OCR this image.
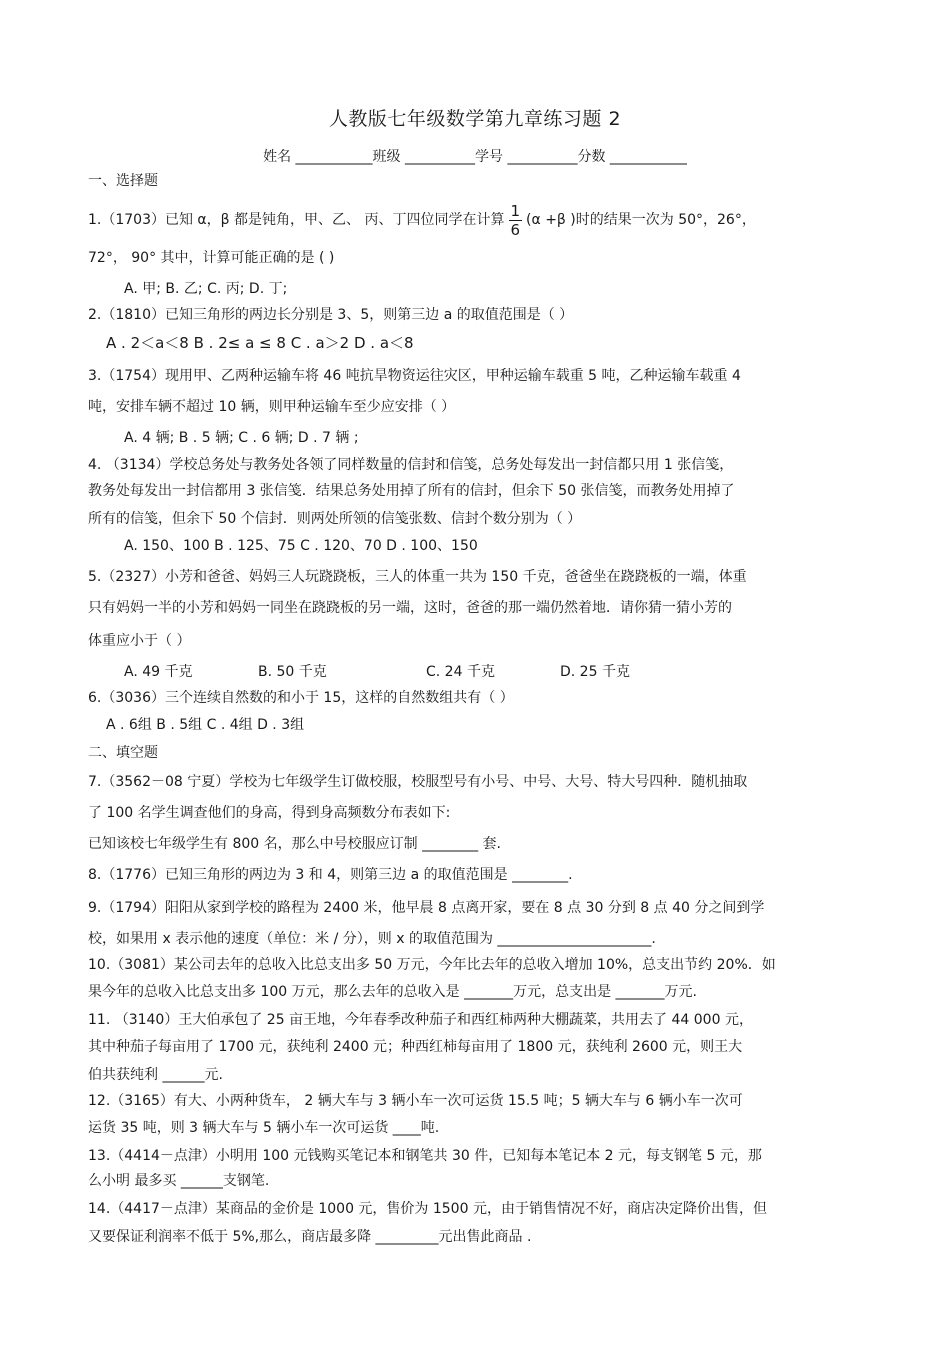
人教版七年级数学第九章练习题 2
姓名 ___________班级 __________学号 __________分数 ___________
一、选择题
1.（1703）已知 α，β 都是钝角，甲、乙、 丙、丁四位同学在计算 $\frac{1}{6} (\alpha +\beta$ )时的结果一次为 50°，26°，
72°， 90° 其中，计算可能正确的是 ( )
A. 甲; B. 乙; C. 丙; D. 丁;
2.（1810）已知三角形的两边长分别是 3、5，则第三边 a 的取值范围是（ ）
A . 2＜a＜8 B . 2≤ a ≤ 8 C . a＞2 D . a＜8
3.（1754）现用甲、乙两种运输车将 46 吨抗旱物资运往灾区，甲种运输车载重 5 吨，乙种运输车载重 4
吨，安排车辆不超过 10 辆，则甲种运输车至少应安排（ ）
A. 4 辆; B . 5 辆; C . 6 辆; D . 7 辆 ;
4. （3134）学校总务处与教务处各领了同样数量的信封和信笺，总务处每发出一封信都只用 1 张信笺，
教务处每发出一封信都用 3 张信笺．结果总务处用掉了所有的信封，但余下 50 张信笺，而教务处用掉了
所有的信笺，但余下 50 个信封．则两处所领的信笺张数、信封个数分别为（ ）
A. 150、100 B . 125、75 C . 120、70 D . 100、150
5.（2327）小芳和爸爸、妈妈三人玩跷跷板，三人的体重一共为 150 千克，爸爸坐在跷跷板的一端，体重
只有妈妈一半的小芳和妈妈一同坐在跷跷板的另一端，这时，爸爸的那一端仍然着地．请你猜一猜小芳的
体重应小于（ ）
A. 49 千克	B. 50 千克	C. 24 千克	D. 25 千克
6.（3036）三个连续自然数的和小于 15，这样的自然数组共有（ ）
A . 6组 B . 5组 C . 4组 D . 3组
二、填空题
7.（3562－08 宁夏）学校为七年级学生订做校服，校服型号有小号、中号、大号、特大号四种．随机抽取
了 100 名学生调查他们的身高，得到身高频数分布表如下:
已知该校七年级学生有 800 名，那么中号校服应订制 ________ 套.
8.（1776）已知三角形的两边为 3 和 4，则第三边 a 的取值范围是 ________.
9.（1794）阳阳从家到学校的路程为 2400 米，他早晨 8 点离开家，要在 8 点 30 分到 8 点 40 分之间到学
校，如果用 x 表示他的速度（单位：米 / 分），则 x 的取值范围为 ______________________.
10.（3081）某公司去年的总收入比总支出多 50 万元，今年比去年的总收入增加 10%，总支出节约 20%．如
果今年的总收入比总支出多 100 万元，那么去年的总收入是 _______万元，总支出是 _______万元.
11. （3140）王大伯承包了 25 亩王地，今年春季改种茄子和西红柿两种大棚蔬菜，共用去了 44 000 元，
其中种茄子每亩用了 1700 元，获纯利 2400 元；种西红柿每亩用了 1800 元，获纯利 2600 元，则王大
伯共获纯利 ______元.
12.（3165）有大、小两种货车， 2 辆大车与 3 辆小车一次可运货 15.5 吨；5 辆大车与 6 辆小车一次可
运货 35 吨，则 3 辆大车与 5 辆小车一次可运货 ____吨.
13.（4414－点津）小明用 100 元钱购买笔记本和钢笔共 30 件，已知每本笔记本 2 元，每支钢笔 5 元，那
么小明 最多买 ______支钢笔.
14.（4417－点津）某商品的金价是 1000 元，售价为 1500 元，由于销售情况不好，商店决定降价出售，但
又要保证利润率不低于 5%,那么，商店最多降 _________元出售此商品 .
